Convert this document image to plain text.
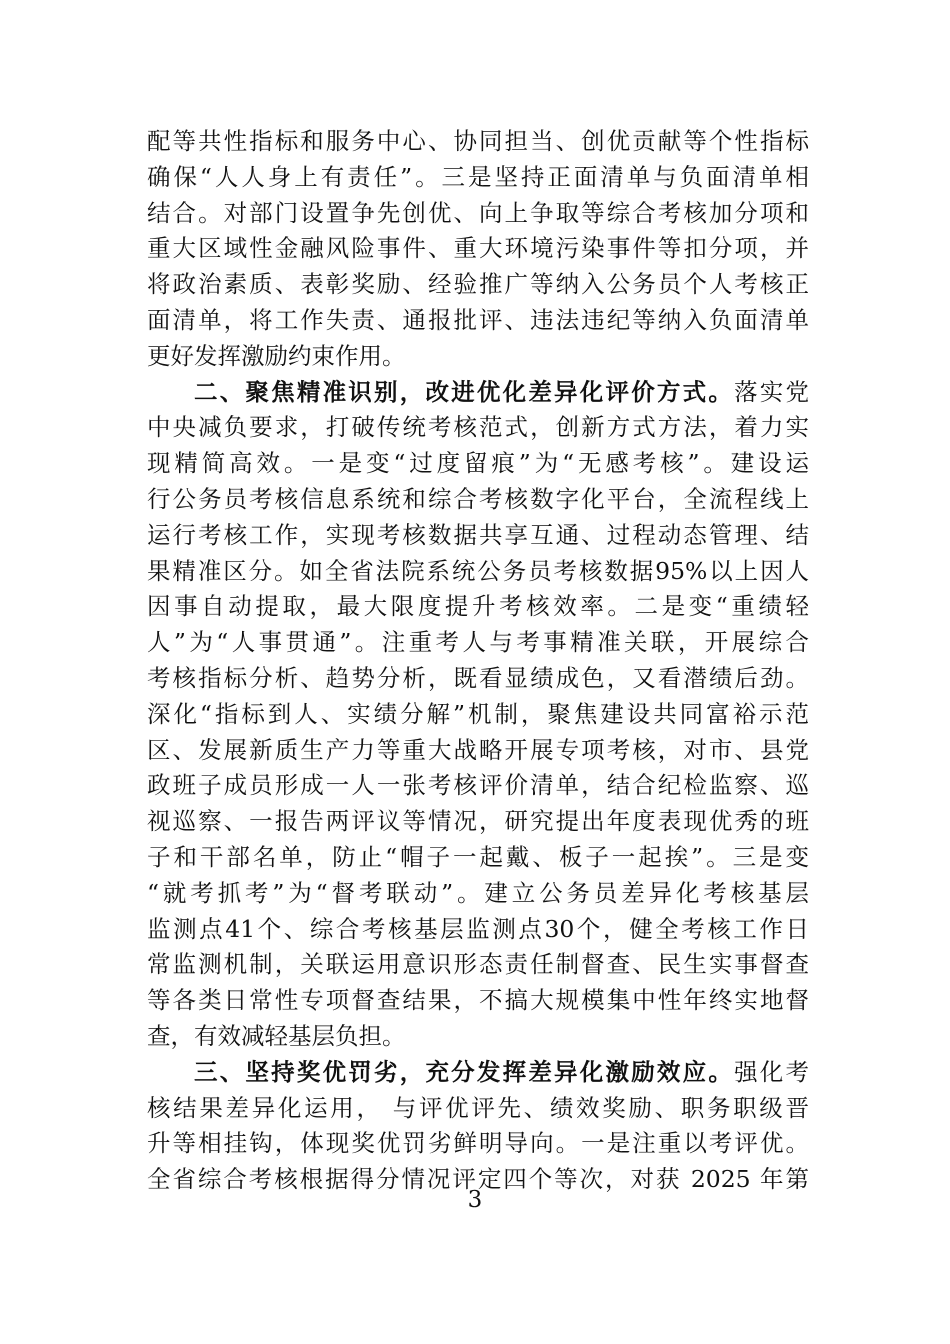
配等共性指标和服务中心、协同担当、创优贡献等个性指标
确保“人人身上有责任”。三是坚持正面清单与负面清单相
结合。对部门设置争先创优、向上争取等综合考核加分项和
重大区域性金融风险事件、重大环境污染事件等扣分项，并
将政治素质、表彰奖励、经验推广等纳入公务员个人考核正
面清单，将工作失责、通报批评、违法违纪等纳入负面清单
更好发挥激励约束作用。
二、聚焦精准识别，改进优化差异化评价方式。落实党
中央减负要求，打破传统考核范式，创新方式方法，着力实
现精简高效。一是变“过度留痕”为“无感考核”。建设运
行公务员考核信息系统和综合考核数字化平台，全流程线上
运行考核工作，实现考核数据共享互通、过程动态管理、结
果精准区分。如全省法院系统公务员考核数据95%以上因人
因事自动提取，最大限度提升考核效率。二是变“重绩轻
人”为“人事贯通”。注重考人与考事精准关联，开展综合
考核指标分析、趋势分析，既看显绩成色，又看潜绩后劲。
深化“指标到人、实绩分解”机制，聚焦建设共同富裕示范
区、发展新质生产力等重大战略开展专项考核，对市、县党
政班子成员形成一人一张考核评价清单，结合纪检监察、巡
视巡察、一报告两评议等情况，研究提出年度表现优秀的班
子和干部名单，防止“帽子一起戴、板子一起挨”。三是变
“就考抓考”为“督考联动”。建立公务员差异化考核基层
监测点41个、综合考核基层监测点30个，健全考核工作日
常监测机制，关联运用意识形态责任制督查、民生实事督查
等各类日常性专项督查结果，不搞大规模集中性年终实地督
查，有效减轻基层负担。
三、坚持奖优罚劣，充分发挥差异化激励效应。强化考
核结果差异化运用， 与评优评先、绩效奖励、职务职级晋
升等相挂钩，体现奖优罚劣鲜明导向。一是注重以考评优。
全省综合考核根据得分情况评定四个等次，对获 2025 年第
3
